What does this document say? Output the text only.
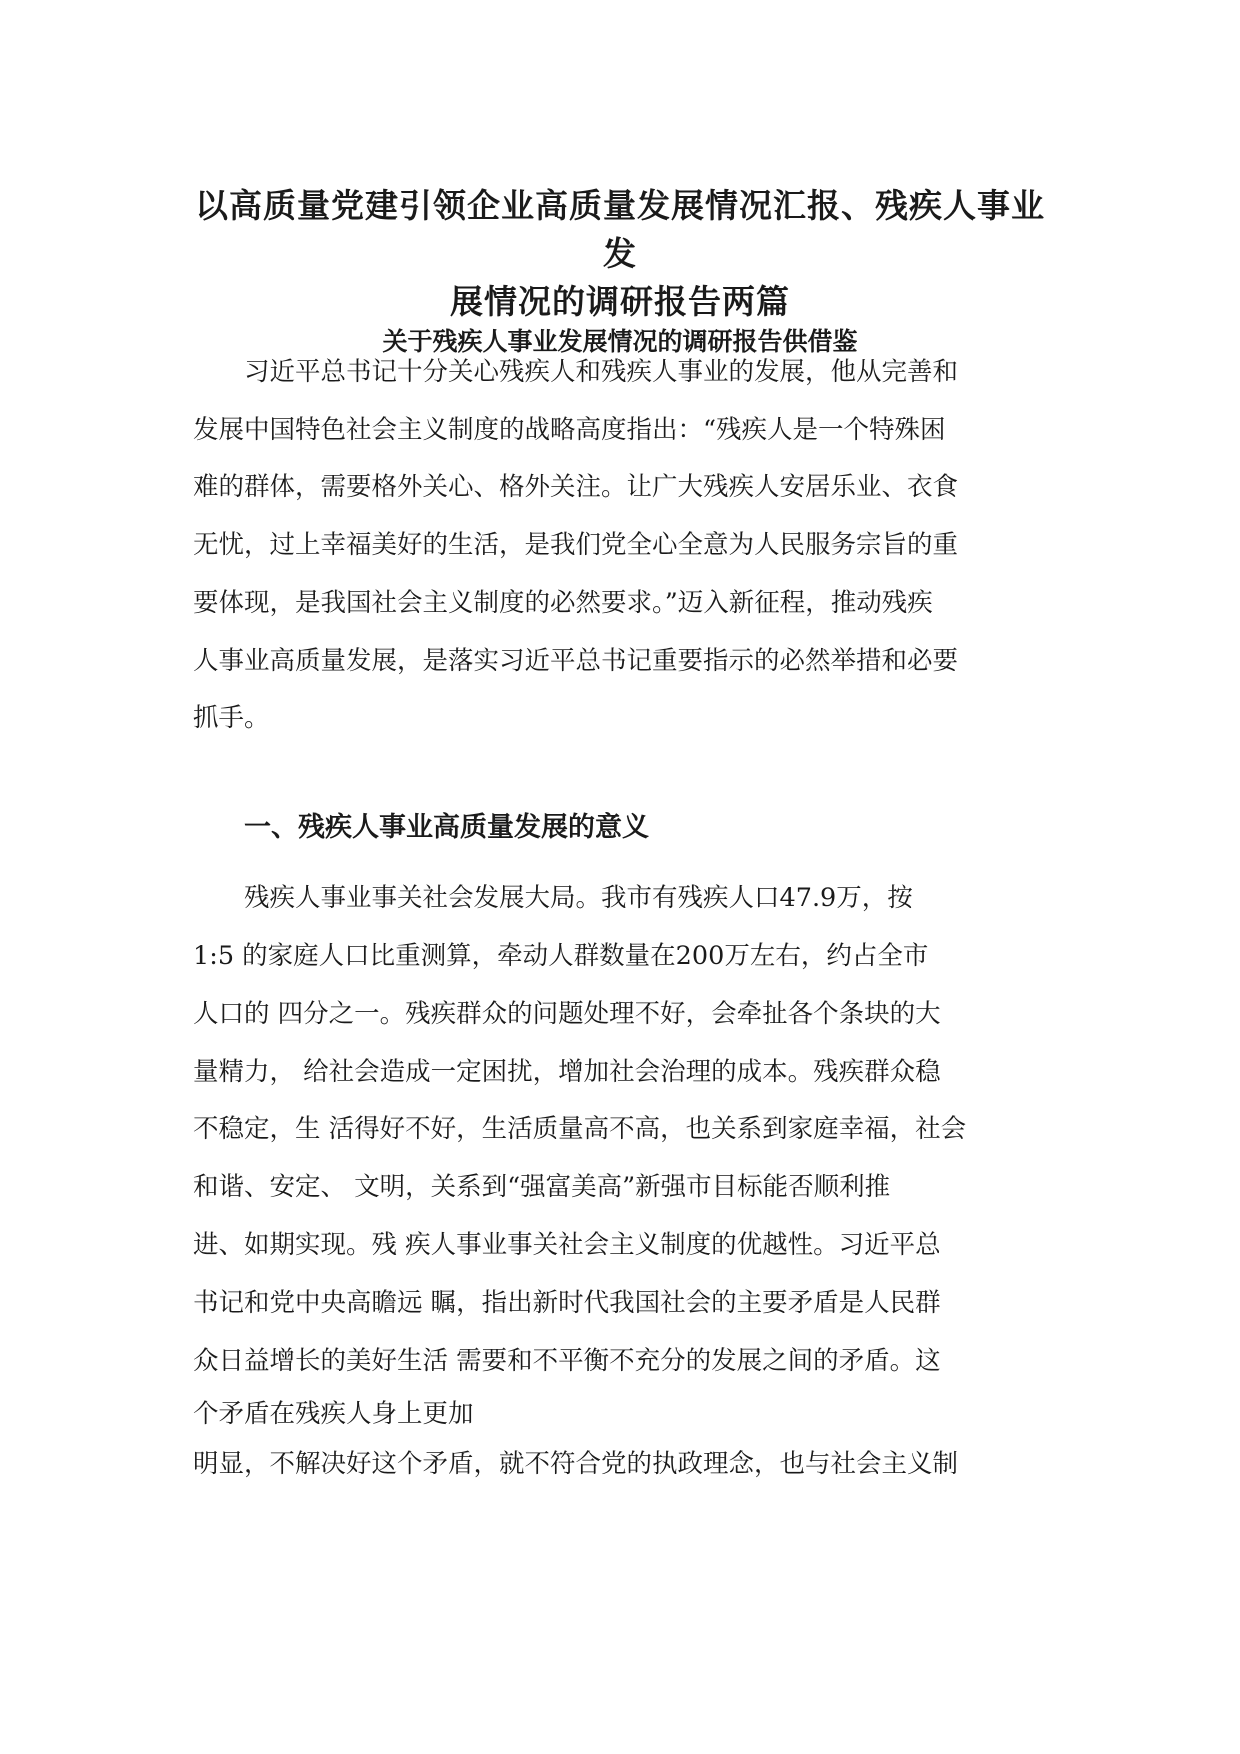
以高质量党建引领企业高质量发展情况汇报、残疾人事业发
展情况的调研报告两篇
关于残疾人事业发展情况的调研报告供借鉴
习近平总书记十分关心残疾人和残疾人事业的发展，他从完善和
发展中国特色社会主义制度的战略高度指出：“残疾人是一个特殊困
难的群体，需要格外关心、格外关注。让广大残疾人安居乐业、衣食
无忧，过上幸福美好的生活，是我们党全心全意为人民服务宗旨的重
要体现，是我国社会主义制度的必然要求。”迈入新征程，推动残疾
人事业高质量发展，是落实习近平总书记重要指示的必然举措和必要
抓手。
一、残疾人事业高质量发展的意义
残疾人事业事关社会发展大局。我市有残疾人口47.9万，按
1:5 的家庭人口比重测算，牵动人群数量在200万左右，约占全市
人口的 四分之一。残疾群众的问题处理不好，会牵扯各个条块的大
量精力， 给社会造成一定困扰，增加社会治理的成本。残疾群众稳
不稳定，生 活得好不好，生活质量高不高，也关系到家庭幸福，社会
和谐、安定、 文明，关系到“强富美高”新强市目标能否顺利推
进、如期实现。残 疾人事业事关社会主义制度的优越性。习近平总
书记和党中央高瞻远 瞩，指出新时代我国社会的主要矛盾是人民群
众日益增长的美好生活 需要和不平衡不充分的发展之间的矛盾。这
个矛盾在残疾人身上更加
明显，不解决好这个矛盾，就不符合党的执政理念，也与社会主义制
